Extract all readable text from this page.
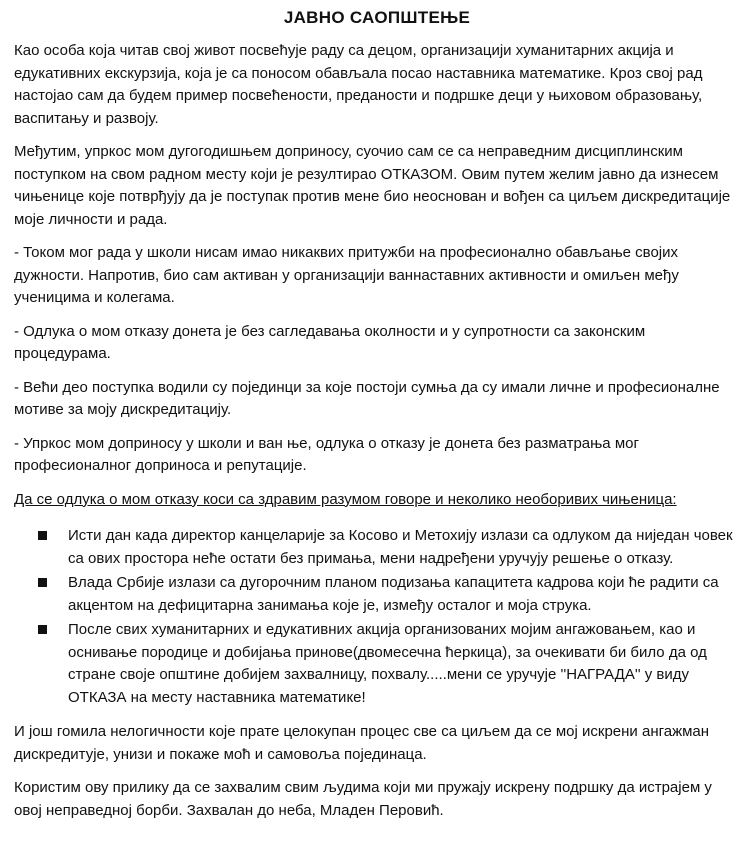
ЈАВНО САОПШТЕЊЕ

Као особа која читав свој живот посвећује раду са децом, организацији хуманитарних акција и едукативних екскурзија, која је са поносом обављала посао наставника математике. Кроз свој рад настојао сам да будем пример посвећености, преданости и подршке деци у њиховом образовању, васпитању и развоју.

Међутим, упркос мом дугогодишњем доприносу, суочио сам се са неправедним дисциплинским поступком на свом радном месту који је резултирао ОТКАЗОМ. Овим путем желим јавно да изнесем чињенице које потврђују да је поступак против мене био неоснован и вођен са циљем дискредитације моје личности и рада.

- Током мог рада у школи нисам имао никаквих притужби на професионално обављање својих дужности. Напротив, био сам активан у организацији ваннаставних активности и омиљен међу ученицима и колегама.

- Одлука о мом отказу донета је без сагледавања околности и у супротности са законским процедурама.

- Већи део поступка водили су појединци за које постоји сумња да су имали личне и професионалне мотиве за моју дискредитацију.

- Упркос мом доприносу у школи и ван ње, одлука о отказу је донета без разматрања мог професионалног доприноса и репутације.

Да се одлука о мом отказу коси са здравим разумом говоре и неколико необоривих чињеница:

Исти дан када директор канцеларије за Косово и Метохију излази са одлуком да ниједан човек са ових простора неће остати без примања, мени надређени уручују решење о отказу.
Влада Србије излази са дугорочним планом подизања капацитета кадрова који ће радити са акцентом на дефицитарна занимања које је, између осталог и моја струка.
После свих хуманитарних и едукативних акција организованих мојим ангажовањем, као и оснивање породице и добијања принове(двомесечна ћеркица), за очекивати би било да од стране своје општине добијем захвалницу, похвалу.....мени се уручује ''НАГРАДА'' у виду ОТКАЗА на месту наставника математике!

И још гомила нелогичности које прате целокупан процес све са циљем да се мој искрени ангажман дискредитује, унизи и покаже моћ и самовоља појединаца.

Користим ову прилику да се захвалим свим људима који ми пружају искрену подршку да истрајем у овој неправедној борби. Захвалан до неба, Младен Перовић.
